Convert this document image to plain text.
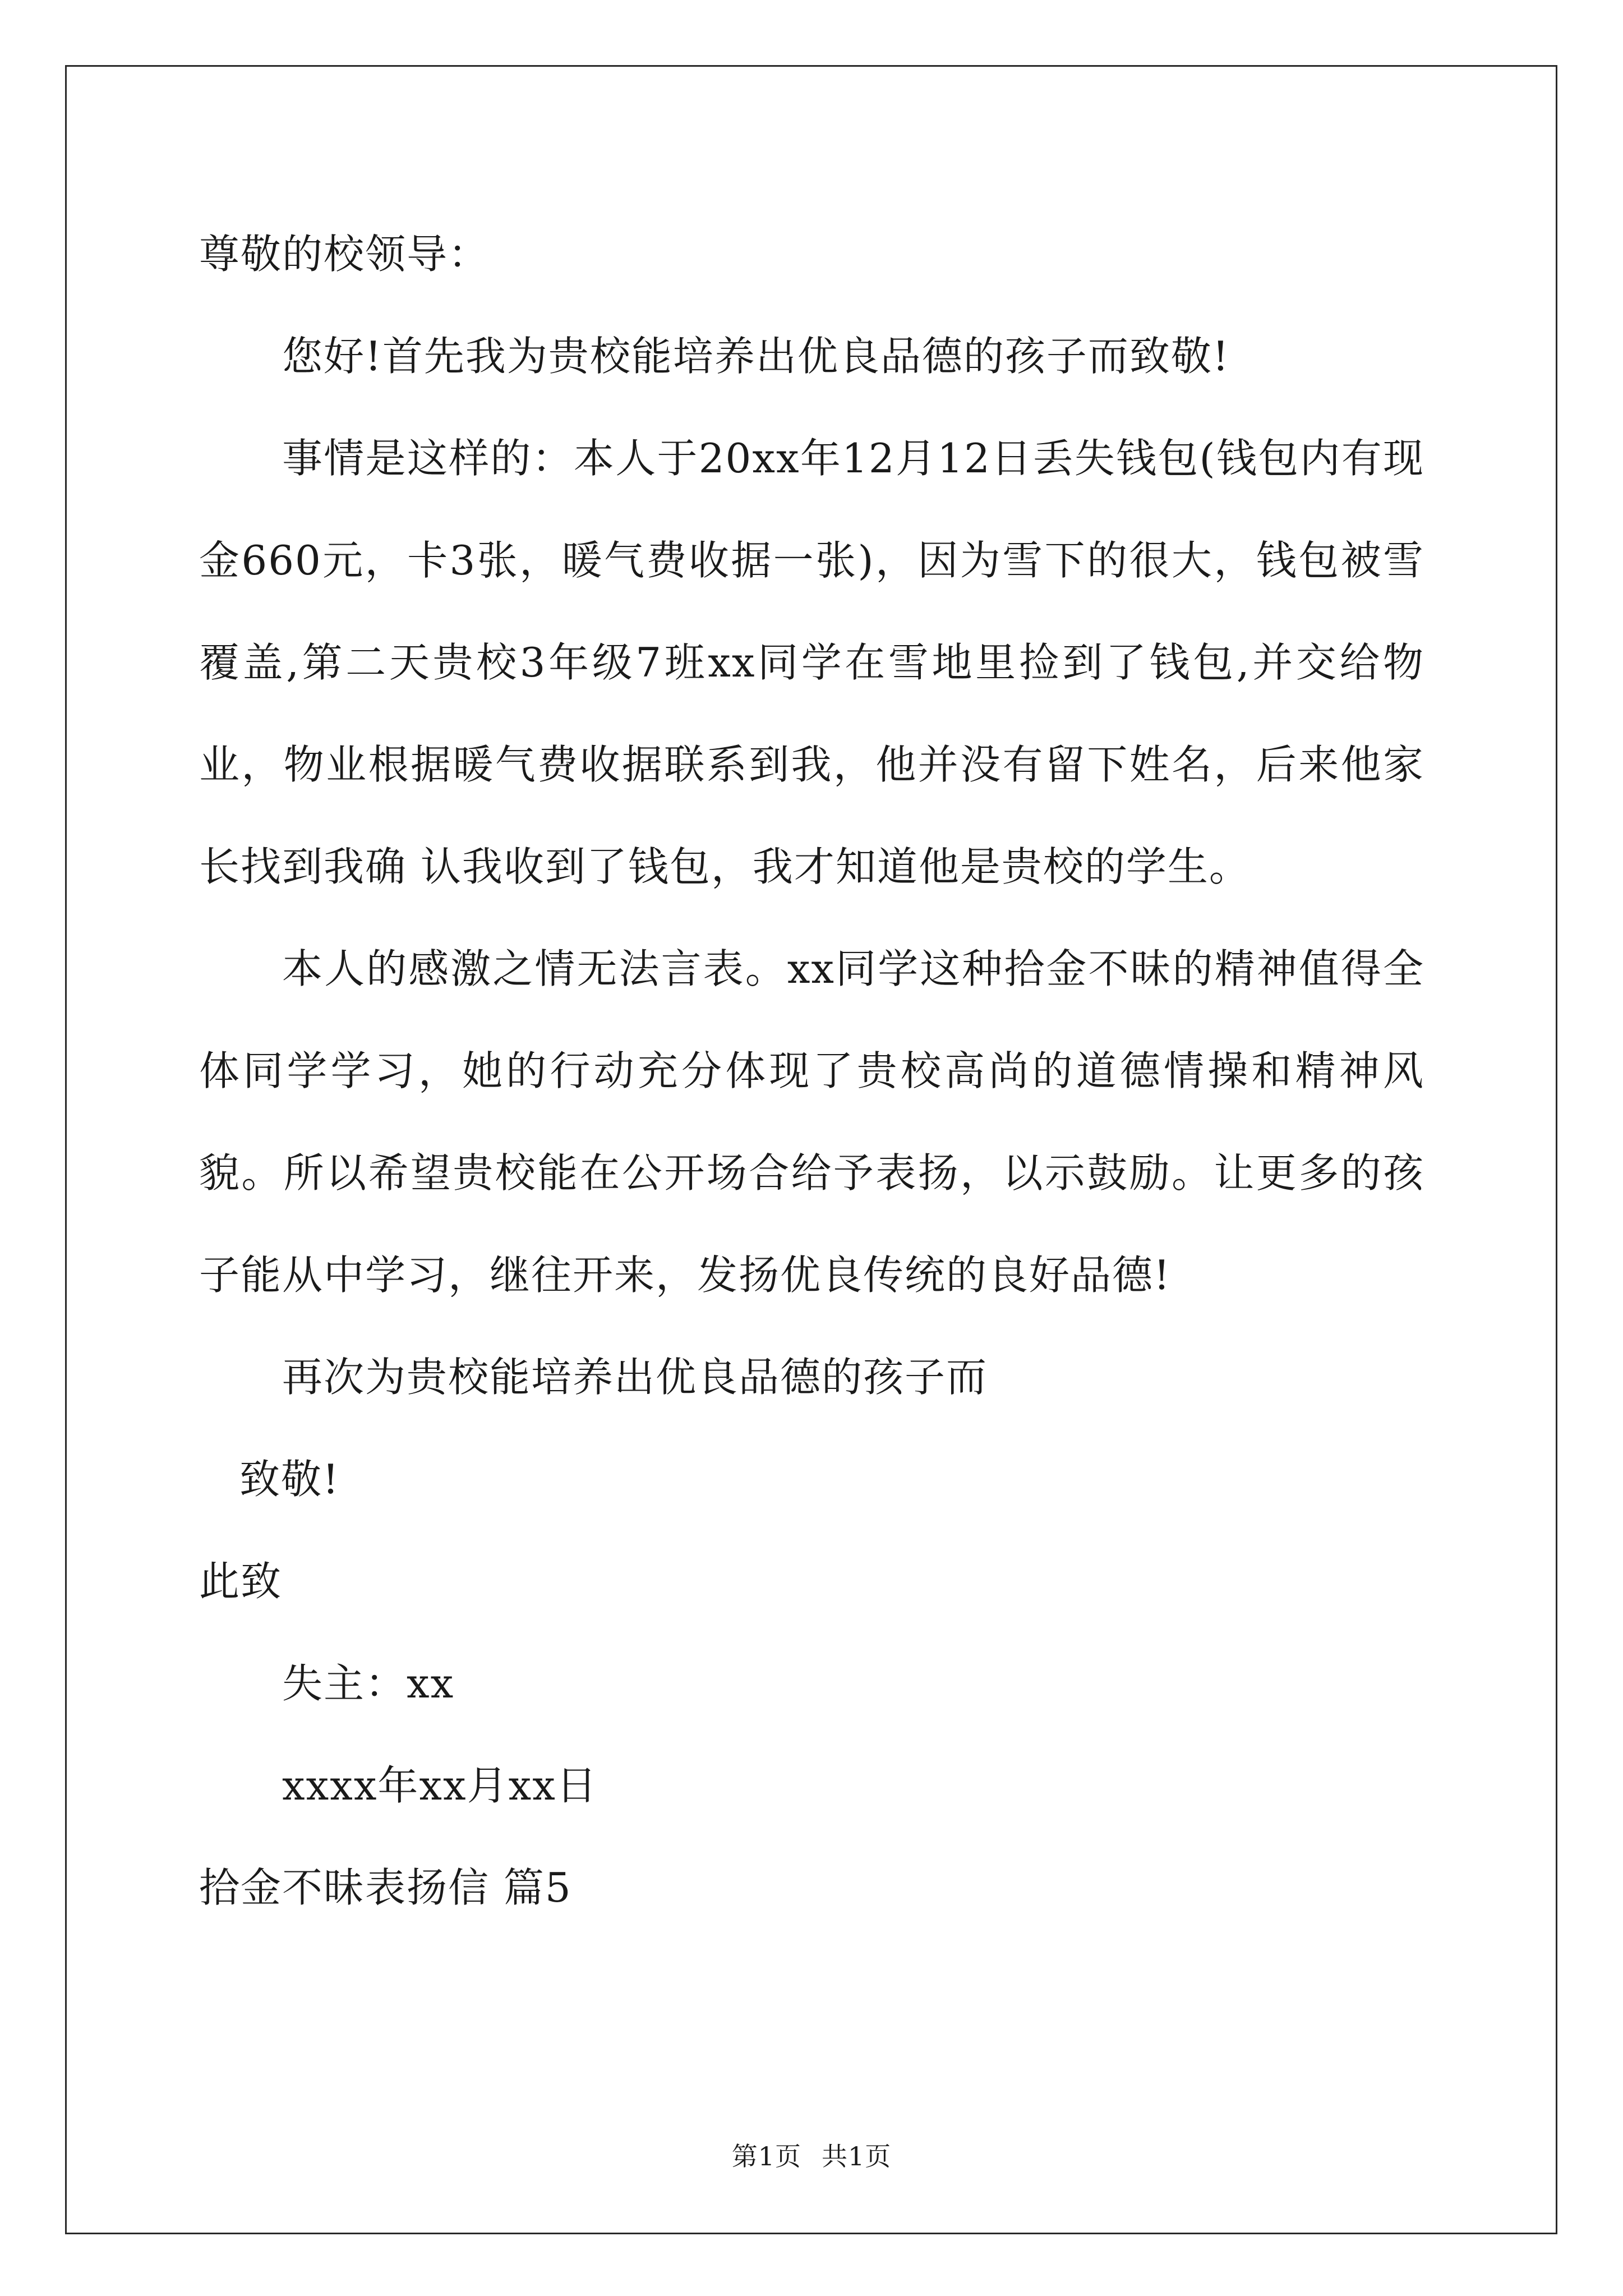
尊敬的校领导：

您好!首先我为贵校能培养出优良品德的孩子而致敬!

事情是这样的：本人于20xx年12月12日丢失钱包(钱包内有现金660元，卡3张，暖气费收据一张)，因为雪下的很大，钱包被雪覆盖,第二天贵校3年级7班xx同学在雪地里捡到了钱包,并交给物业，物业根据暖气费收据联系到我，他并没有留下姓名，后来他家长找到我确 认我收到了钱包，我才知道他是贵校的学生。

本人的感激之情无法言表。xx同学这种拾金不昧的精神值得全体同学学习，她的行动充分体现了贵校高尚的道德情操和精神风貌。所以希望贵校能在公开场合给予表扬，以示鼓励。让更多的孩子能从中学习，继往开来，发扬优良传统的良好品德!

再次为贵校能培养出优良品德的孩子而

致敬!
此致
失主：xx
xxxx年xx月xx日
拾金不昧表扬信 篇5
第1页 共1页
